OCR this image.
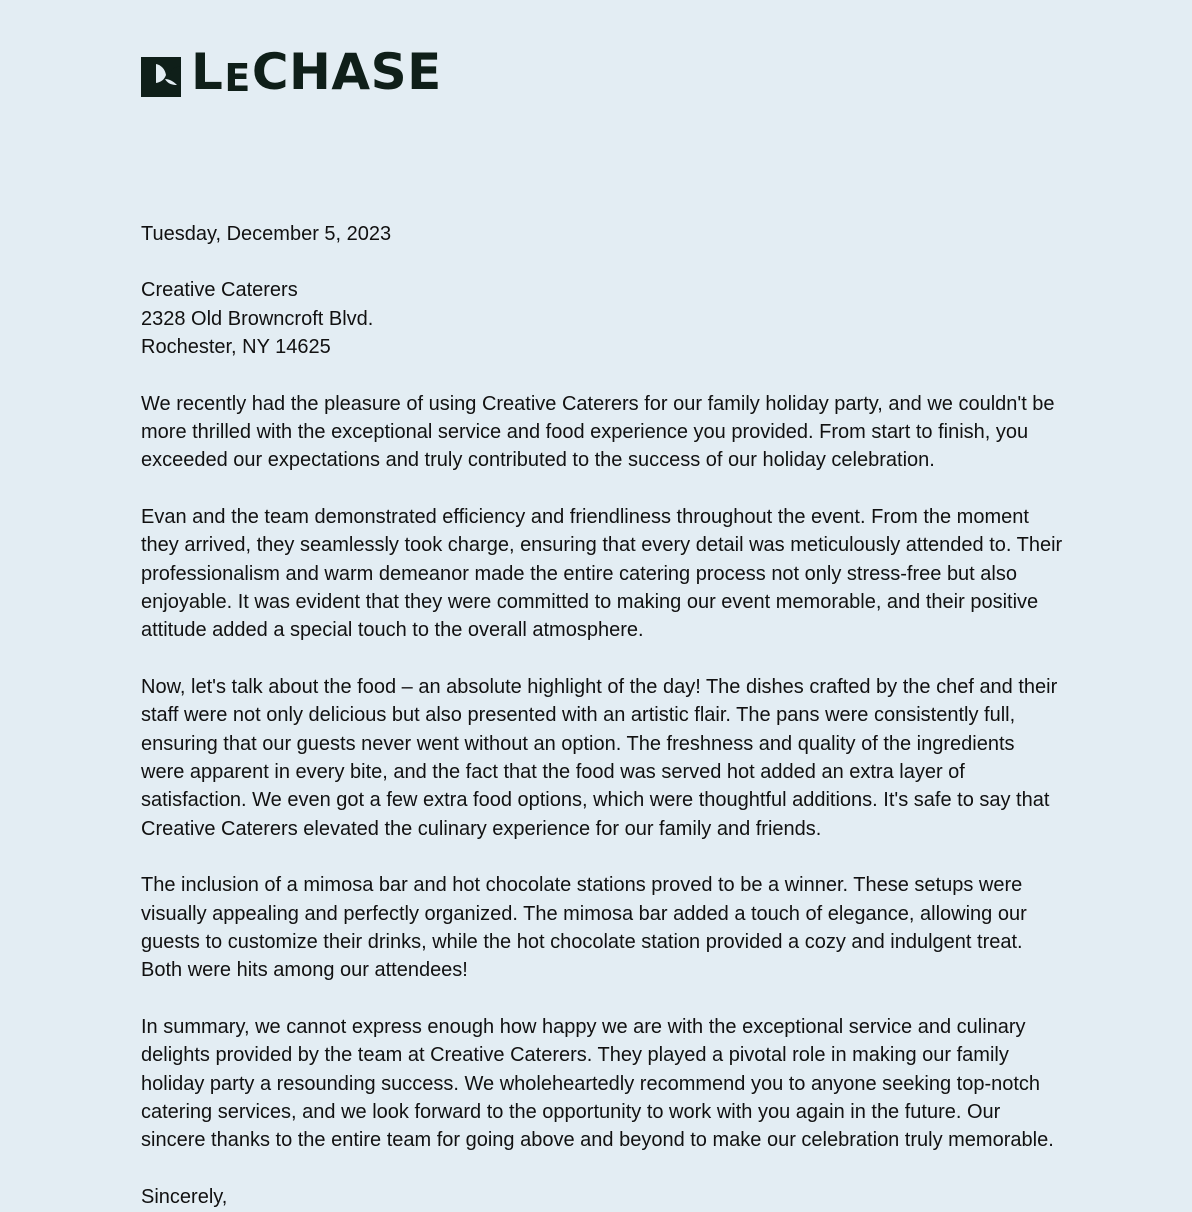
L E CHASE
Tuesday, December 5, 2023
Creative Caterers
2328 Old Browncroft Blvd.
Rochester, NY 14625
We recently had the pleasure of using Creative Caterers for our family holiday party, and we couldn't be
more thrilled with the exceptional service and food experience you provided. From start to finish, you
exceeded our expectations and truly contributed to the success of our holiday celebration.
Evan and the team demonstrated efficiency and friendliness throughout the event. From the moment
they arrived, they seamlessly took charge, ensuring that every detail was meticulously attended to. Their
professionalism and warm demeanor made the entire catering process not only stress-free but also
enjoyable. It was evident that they were committed to making our event memorable, and their positive
attitude added a special touch to the overall atmosphere.
Now, let's talk about the food – an absolute highlight of the day! The dishes crafted by the chef and their
staff were not only delicious but also presented with an artistic flair. The pans were consistently full,
ensuring that our guests never went without an option. The freshness and quality of the ingredients
were apparent in every bite, and the fact that the food was served hot added an extra layer of
satisfaction. We even got a few extra food options, which were thoughtful additions. It's safe to say that
Creative Caterers elevated the culinary experience for our family and friends.
The inclusion of a mimosa bar and hot chocolate stations proved to be a winner. These setups were
visually appealing and perfectly organized. The mimosa bar added a touch of elegance, allowing our
guests to customize their drinks, while the hot chocolate station provided a cozy and indulgent treat.
Both were hits among our attendees!
In summary, we cannot express enough how happy we are with the exceptional service and culinary
delights provided by the team at Creative Caterers. They played a pivotal role in making our family
holiday party a resounding success. We wholeheartedly recommend you to anyone seeking top-notch
catering services, and we look forward to the opportunity to work with you again in the future. Our
sincere thanks to the entire team for going above and beyond to make our celebration truly memorable.
Sincerely,
